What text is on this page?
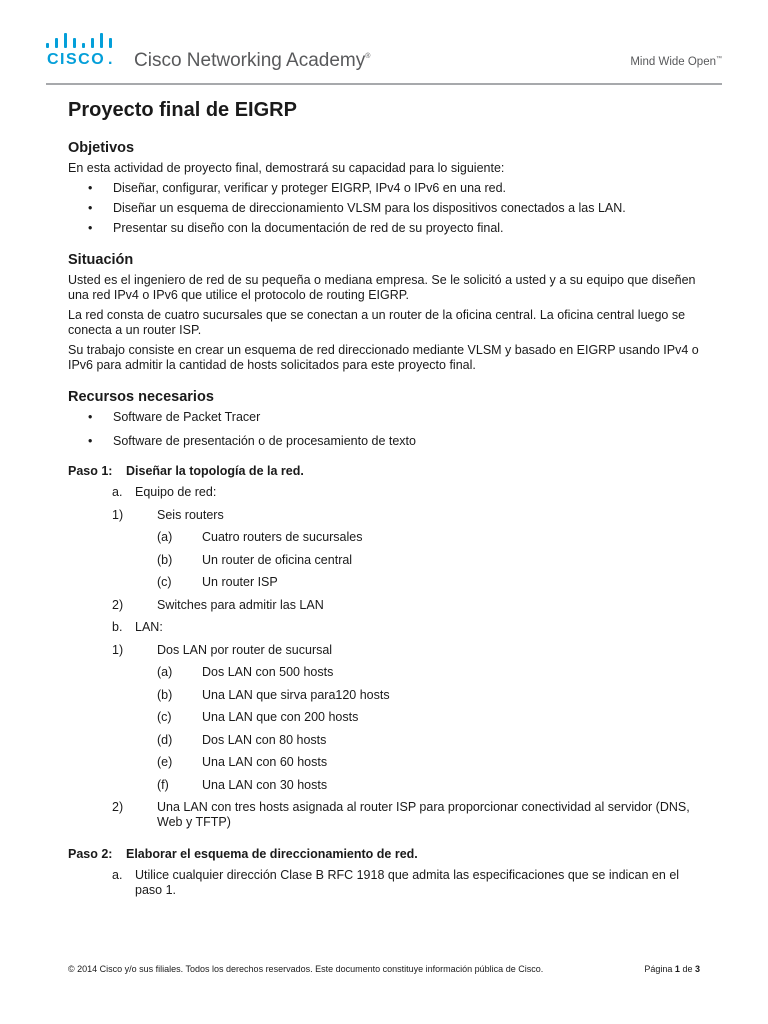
CISCO . Cisco Networking Academy®	Mind Wide Open™
Proyecto final de EIGRP
Objetivos

En esta actividad de proyecto final, demostrará su capacidad para lo siguiente:

• Diseñar, configurar, verificar y proteger EIGRP, IPv4 o IPv6 en una red.
• Diseñar un esquema de direccionamiento VLSM para los dispositivos conectados a las LAN.
• Presentar su diseño con la documentación de red de su proyecto final.
Situación

Usted es el ingeniero de red de su pequeña o mediana empresa. Se le solicitó a usted y a su equipo que diseñen una red IPv4 o IPv6 que utilice el protocolo de routing EIGRP.

La red consta de cuatro sucursales que se conectan a un router de la oficina central. La oficina central luego se conecta a un router ISP.

Su trabajo consiste en crear un esquema de red direccionado mediante VLSM y basado en EIGRP usando IPv4 o IPv6 para admitir la cantidad de hosts solicitados para este proyecto final.

Recursos necesarios
• Software de Packet Tracer
• Software de presentación o de procesamiento de texto
Paso 1: Diseñar la topología de la red.
a. Equipo de red:
1)	Seis routers
(a) Cuatro routers de sucursales
(b) Un router de oficina central
(c) Un router ISP
2)	Switches para admitir las LAN
b. LAN:
1)	Dos LAN por router de sucursal
(a) Dos LAN con 500 hosts
(b) Una LAN que sirva para120 hosts
(c) Una LAN que con 200 hosts
(d) Dos LAN con 80 hosts
(e) Una LAN con 60 hosts
(f)	Una LAN con 30 hosts
2)	Una LAN con tres hosts asignada al router ISP para proporcionar conectividad al servidor (DNS, Web y TFTP)
Paso 2: Elaborar el esquema de direccionamiento de red.
a. Utilice cualquier dirección Clase B RFC 1918 que admita las especificaciones que se indican en el paso 1.
© 2014 Cisco y/o sus filiales. Todos los derechos reservados. Este documento constituye información pública de Cisco.	Página 1 de 3
